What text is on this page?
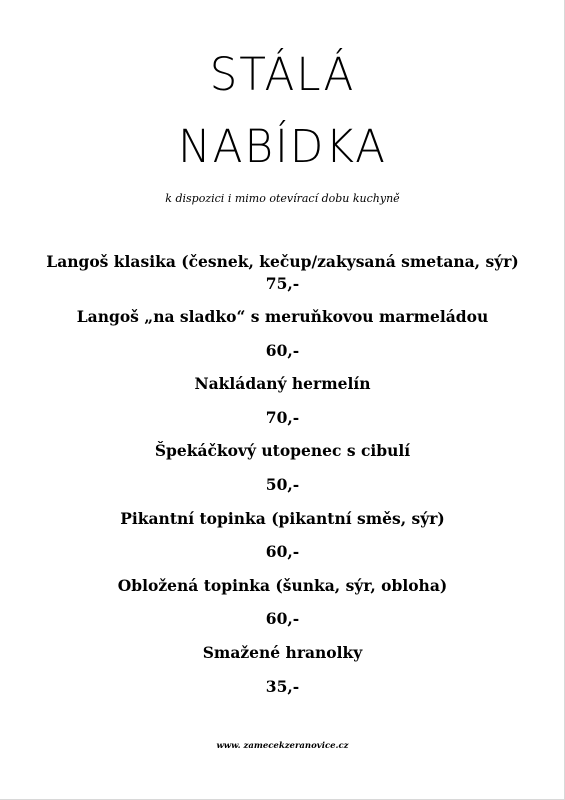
STÁLÁ
NABÍDKA
k dispozici i mimo otevírací dobu kuchyně
Langoš klasika (česnek, kečup/zakysaná smetana, sýr)
75,-
Langoš „na sladko“ s meruňkovou marmeládou
60,-
Nakládaný hermelín
70,-
Špekáčkový utopenec s cibulí
50,-
Pikantní topinka (pikantní směs, sýr)
60,-
Obložená topinka (šunka, sýr, obloha)
60,-
Smažené hranolky
35,-
www. zamecekzeranovice.cz
